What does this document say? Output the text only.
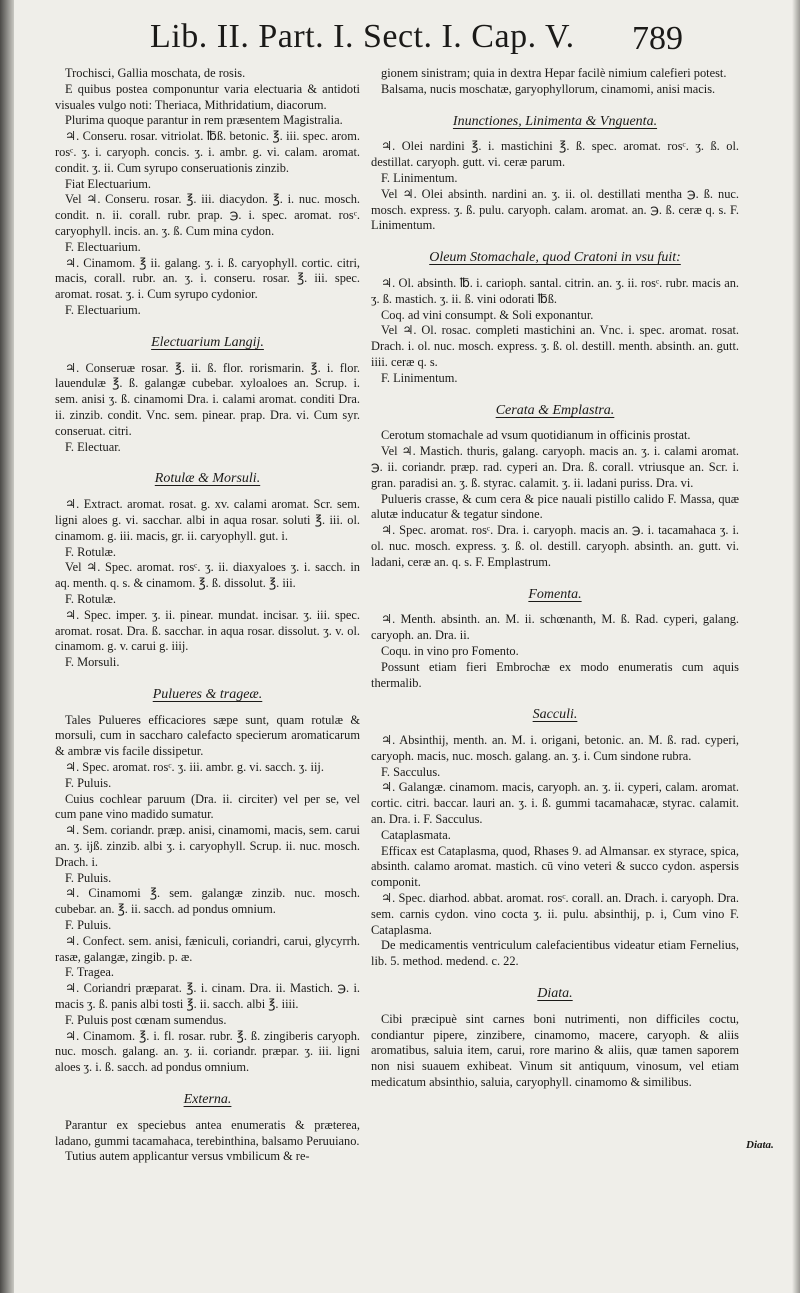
Lib. II. Part. I. Sect. I. Cap. V. 789

Trochisci, Gallia moschata, de rosis.

E quibus postea componuntur varia electuaria & antidoti visuales vulgo noti: Theriaca, Mithridatium, diacorum.

Plurima quoque parantur in rem præsentem Magistralia.

♃. Conseru. rosar. vitriolat. ℔ß. betonic. ℥. iii. spec. arom. rosᶜ. ʒ. i. caryoph. concis. ʒ. i. ambr. g. vi. calam. aromat. condit. ʒ. ii. Cum syrupo conseruationis zinzib.

Fiat Electuarium.

Vel ♃. Conseru. rosar. ℥. iii. diacydon. ℥. i. nuc. mosch. condit. n. ii. corall. rubr. prap. ℈. i. spec. aromat. rosᶜ. caryophyll. incis. an. ʒ. ß. Cum mina cydon.

F. Electuarium.

♃. Cinamom. ℥ ii. galang. ʒ. i. ß. caryophyll. cortic. citri, macis, corall. rubr. an. ʒ. i. conseru. rosar. ℥. iii. spec. aromat. rosat. ʒ. i. Cum syrupo cydonior.

F. Electuarium.

Electuarium Langij.

♃. Conseruæ rosar. ℥. ii. ß. flor. rorismarin. ℥. i. flor. lauendulæ ℥. ß. galangæ cubebar. xyloaloes an. Scrup. i. sem. anisi ʒ. ß. cinamomi Dra. i. calami aromat. conditi Dra. ii. zinzib. condit. Vnc. sem. pinear. prap. Dra. vi. Cum syr. conseruat. citri.

F. Electuar.

Rotulæ & Morsuli.

♃. Extract. aromat. rosat. g. xv. calami aromat. Scr. sem. ligni aloes g. vi. sacchar. albi in aqua rosar. soluti ℥. iii. ol. cinamom. g. iii. macis, gr. ii. caryophyll. gut. i.

F. Rotulæ.

Vel ♃. Spec. aromat. rosᶜ. ʒ. ii. diaxyaloes ʒ. i. sacch. in aq. menth. q. s. & cinamom. ℥. ß. dissolut. ℥. iii.

F. Rotulæ.

♃. Spec. imper. ʒ. ii. pinear. mundat. incisar. ʒ. iii. spec. aromat. rosat. Dra. ß. sacchar. in aqua rosar. dissolut. ʒ. v. ol. cinamom. g. v. carui g. iiij.

F. Morsuli.

Pulueres & trageæ.

Tales Pulueres efficaciores sæpe sunt, quam rotulæ & morsuli, cum in saccharo calefacto specierum aromaticarum & ambræ vis facile dissipetur.

♃. Spec. aromat. rosᶜ. ʒ. iii. ambr. g. vi. sacch. ʒ. iij.

F. Puluis.

Cuius cochlear paruum (Dra. ii. circiter) vel per se, vel cum pane vino madido sumatur.

♃. Sem. coriandr. præp. anisi, cinamomi, macis, sem. carui an. ʒ. ijß. zinzib. albi ʒ. i. caryophyll. Scrup. ii. nuc. mosch. Drach. i.

F. Puluis.

♃. Cinamomi ℥. sem. galangæ zinzib. nuc. mosch. cubebar. an. ℥. ii. sacch. ad pondus omnium.

F. Puluis.

♃. Confect. sem. anisi, fæniculi, coriandri, carui, glycyrrh. rasæ, galangæ, zingib. p. æ.

F. Tragea.

♃. Coriandri præparat. ℥. i. cinam. Dra. ii. Mastich. ℈. i. macis ʒ. ß. panis albi tosti ℥. ii. sacch. albi ℥. iiii.

F. Puluis post cœnam sumendus.

♃. Cinamom. ℥. i. fl. rosar. rubr. ℥. ß. zingiberis caryoph. nuc. mosch. galang. an. ʒ. ii. coriandr. præpar. ʒ. iii. ligni aloes ʒ. i. ß. sacch. ad pondus omnium.

Externa.

Parantur ex speciebus antea enumeratis & præterea, ladano, gummi tacamahaca, terebinthina, balsamo Peruuiano.

Tutius autem applicantur versus vmbilicum & re-

gionem sinistram; quia in dextra Hepar facilè nimium calefieri potest.

Balsama, nucis moschatæ, garyophyllorum, cinamomi, anisi macis.

Inunctiones, Linimenta & Vnguenta.

♃. Olei nardini ℥. i. mastichini ℥. ß. spec. aromat. rosᶜ. ʒ. ß. ol. destillat. caryoph. gutt. vi. ceræ parum.

F. Linimentum.

Vel ♃. Olei absinth. nardini an. ʒ. ii. ol. destillati mentha ℈. ß. nuc. mosch. express. ʒ. ß. pulu. caryoph. calam. aromat. an. ℈. ß. ceræ q. s. F. Linimentum.

Oleum Stomachale, quod Cratoni in vsu fuit:

♃. Ol. absinth. ℔. i. carioph. santal. citrin. an. ʒ. ii. rosᶜ. rubr. macis an. ʒ. ß. mastich. ʒ. ii. ß. vini odorati ℔ß.

Coq. ad vini consumpt. & Soli exponantur.

Vel ♃. Ol. rosac. completi mastichini an. Vnc. i. spec. aromat. rosat. Drach. i. ol. nuc. mosch. express. ʒ. ß. ol. destill. menth. absinth. an. gutt. iiii. ceræ q. s.

F. Linimentum.

Cerata & Emplastra.

Cerotum stomachale ad vsum quotidianum in officinis prostat.

Vel ♃. Mastich. thuris, galang. caryoph. macis an. ʒ. i. calami aromat. ℈. ii. coriandr. præp. rad. cyperi an. Dra. ß. corall. vtriusque an. Scr. i. gran. paradisi an. ʒ. ß. styrac. calamit. ʒ. ii. ladani puriss. Dra. vi.

Pulueris crasse, & cum cera & pice nauali pistillo calido F. Massa, quæ alutæ inducatur & tegatur sindone.

♃. Spec. aromat. rosᶜ. Dra. i. caryoph. macis an. ℈. i. tacamahaca ʒ. i. ol. nuc. mosch. express. ʒ. ß. ol. destill. caryoph. absinth. an. gutt. vi. ladani, ceræ an. q. s. F. Emplastrum.

Fomenta.

♃. Menth. absinth. an. M. ii. schœnanth, M. ß. Rad. cyperi, galang. caryoph. an. Dra. ii.

Coqu. in vino pro Fomento.

Possunt etiam fieri Embrochæ ex modo enumeratis cum aquis thermalib.

Sacculi.

♃. Absinthij, menth. an. M. i. origani, betonic. an. M. ß. rad. cyperi, caryoph. macis, nuc. mosch. galang. an. ʒ. i. Cum sindone rubra.

F. Sacculus.

♃. Galangæ. cinamom. macis, caryoph. an. ʒ. ii. cyperi, calam. aromat. cortic. citri. baccar. lauri an. ʒ. i. ß. gummi tacamahacæ, styrac. calamit. an. Dra. i. F. Sacculus.

Cataplasmata.

Efficax est Cataplasma, quod, Rhases 9. ad Almansar. ex styrace, spica, absinth. calamo aromat. mastich. cū vino veteri & succo cydon. aspersis componit.

♃. Spec. diarhod. abbat. aromat. rosᶜ. corall. an. Drach. i. caryoph. Dra. sem. carnis cydon. vino cocta ʒ. ii. pulu. absinthij, p. i, Cum vino F. Cataplasma.

De medicamentis ventriculum calefacientibus videatur etiam Fernelius, lib. 5. method. medend. c. 22.

Diata.

Cibi præcipuè sint carnes boni nutrimenti, non difficiles coctu, condiantur pipere, zinzibere, cinamomo, macere, caryoph. & aliis aromatibus, saluia item, carui, rore marino & aliis, quæ tamen saporem non nisi suauem exhibeat. Vinum sit antiquum, vinosum, vel etiam medicatum absinthio, saluia, caryophyll. cinamomo & similibus.

Diata.
